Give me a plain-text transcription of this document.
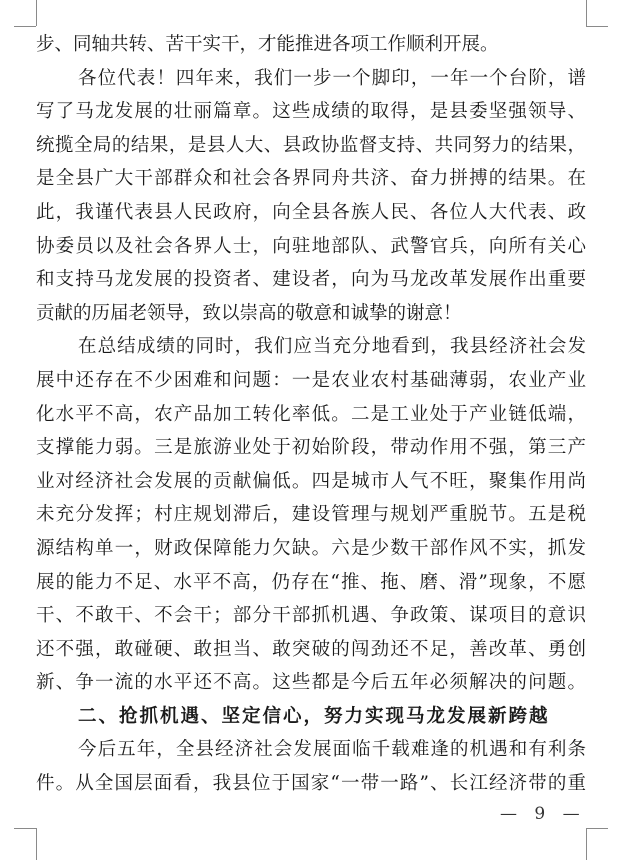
步、同轴共转、苦干实干，才能推进各项工作顺利开展。
各位代表！四年来，我们一步一个脚印，一年一个台阶，谱
写了马龙发展的壮丽篇章。这些成绩的取得，是县委坚强领导、
统揽全局的结果，是县人大、县政协监督支持、共同努力的结果，
是全县广大干部群众和社会各界同舟共济、奋力拼搏的结果。在
此，我谨代表县人民政府，向全县各族人民、各位人大代表、政
协委员以及社会各界人士，向驻地部队、武警官兵，向所有关心
和支持马龙发展的投资者、建设者，向为马龙改革发展作出重要
贡献的历届老领导，致以崇高的敬意和诚挚的谢意！
在总结成绩的同时，我们应当充分地看到，我县经济社会发
展中还存在不少困难和问题：一是农业农村基础薄弱，农业产业
化水平不高，农产品加工转化率低。二是工业处于产业链低端，
支撑能力弱。三是旅游业处于初始阶段，带动作用不强，第三产
业对经济社会发展的贡献偏低。四是城市人气不旺，聚集作用尚
未充分发挥；村庄规划滞后，建设管理与规划严重脱节。五是税
源结构单一，财政保障能力欠缺。六是少数干部作风不实，抓发
展的能力不足、水平不高，仍存在“推、拖、磨、滑”现象，不愿
干、不敢干、不会干；部分干部抓机遇、争政策、谋项目的意识
还不强，敢碰硬、敢担当、敢突破的闯劲还不足，善改革、勇创
新、争一流的水平还不高。这些都是今后五年必须解决的问题。
二、抢抓机遇、坚定信心，努力实现马龙发展新跨越
今后五年，全县经济社会发展面临千载难逢的机遇和有利条
件。从全国层面看，我县位于国家“一带一路”、长江经济带的重
— 9 —
